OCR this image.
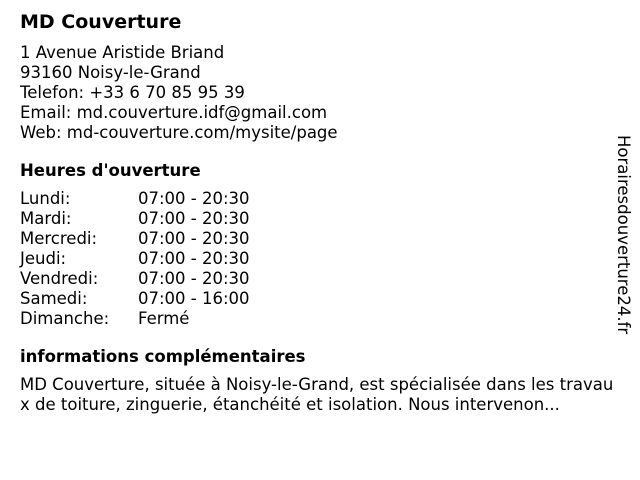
MD Couverture
1 Avenue Aristide Briand
93160 Noisy-le-Grand
Telefon: +33 6 70 85 95 39
Email: md.couverture.idf@gmail.com
Web: md-couverture.com/mysite/page
Heures d'ouverture
Lundi:	07:00 - 20:30
Mardi:	07:00 - 20:30
Mercredi:	07:00 - 20:30
Jeudi:	07:00 - 20:30
Vendredi:	07:00 - 20:30
Samedi:	07:00 - 16:00
Dimanche:	Fermé
informations complémentaires
MD Couverture, située à Noisy-le-Grand, est spécialisée dans les travaux de toiture, zinguerie, étanchéité et isolation. Nous intervenon...
Horairesdouverture24.fr
